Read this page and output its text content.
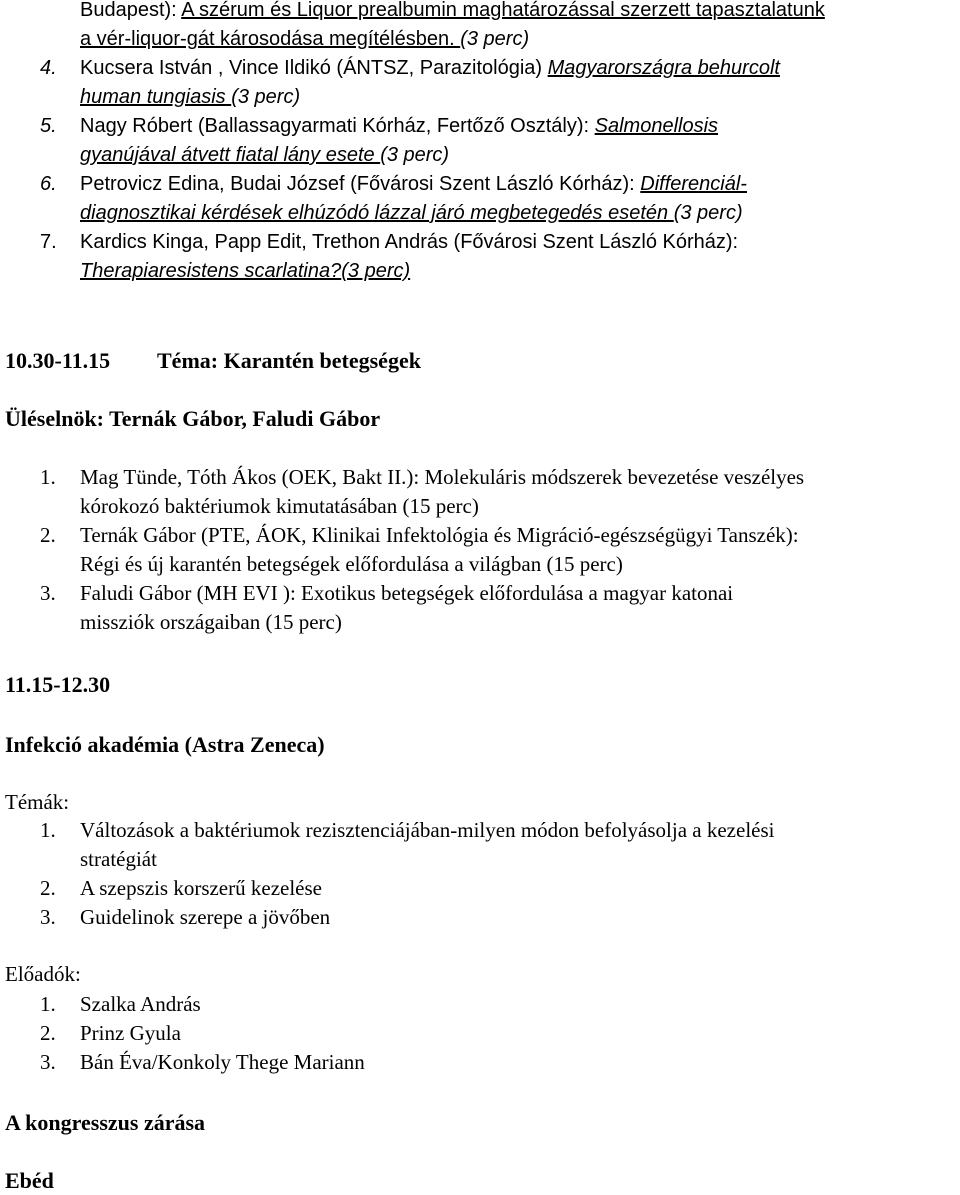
Budapest): A szérum és Liquor prealbumin maghatározással szerzett tapasztalatunk
a vér-liquor-gát károsodása megítélésben. (3 perc)
4. Kucsera István , Vince Ildikó (ÁNTSZ, Parazitológia) Magyarországra behurcolt
human tungiasis (3 perc)
5. Nagy Róbert (Ballassagyarmati Kórház, Fertőző Osztály): Salmonellosis
gyanújával átvett fiatal lány esete (3 perc)
6. Petrovicz Edina, Budai József (Fővárosi Szent László Kórház): Differenciál-
diagnosztikai kérdések elhúzódó lázzal járó megbetegedés esetén (3 perc)
7. Kardics Kinga, Papp Edit, Trethon András (Fővárosi Szent László Kórház):
Therapiaresistens scarlatina?(3 perc)
10.30-11.15 Téma: Karantén betegségek
Üléselnök: Ternák Gábor, Faludi Gábor
1. Mag Tünde, Tóth Ákos (OEK, Bakt II.): Molekuláris módszerek bevezetése veszélyes
kórokozó baktériumok kimutatásában (15 perc)
2. Ternák Gábor (PTE, ÁOK, Klinikai Infektológia és Migráció-egészségügyi Tanszék):
Régi és új karantén betegségek előfordulása a világban (15 perc)
3. Faludi Gábor (MH EVI ): Exotikus betegségek előfordulása a magyar katonai
missziók országaiban (15 perc)
11.15-12.30
Infekció akadémia (Astra Zeneca)
Témák:
1. Változások a baktériumok rezisztenciájában-milyen módon befolyásolja a kezelési
stratégiát
2. A szepszis korszerű kezelése
3. Guidelinok szerepe a jövőben
Előadók:
1. Szalka András
2. Prinz Gyula
3. Bán Éva/Konkoly Thege Mariann
A kongresszus zárása
Ebéd
